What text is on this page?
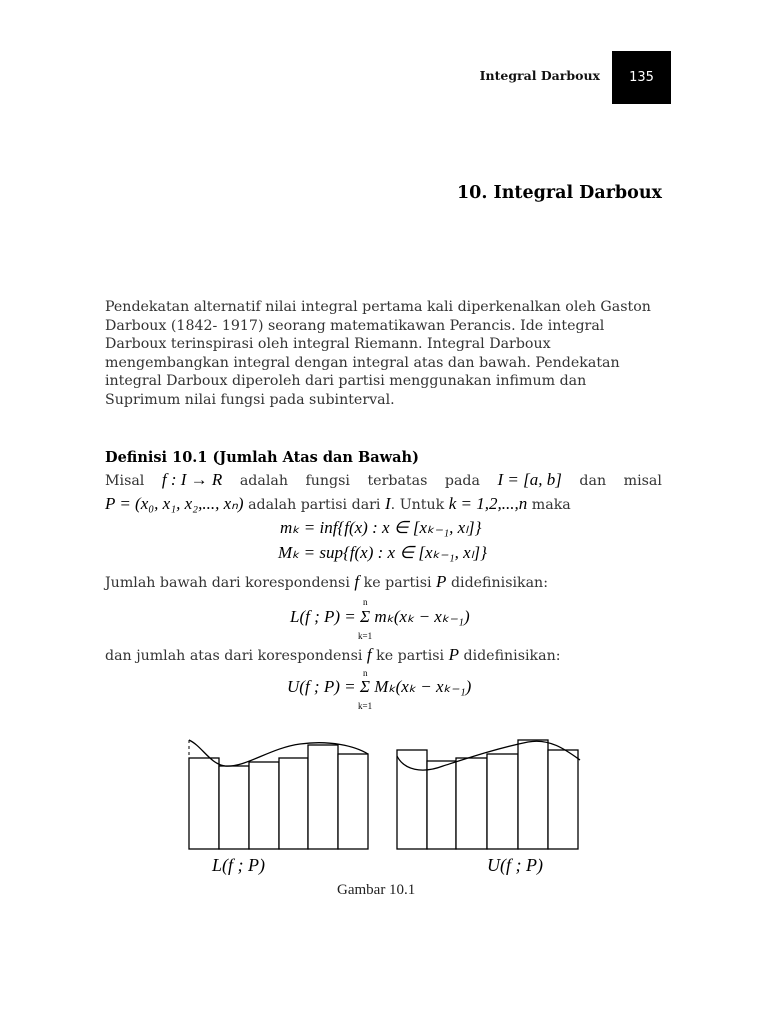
Integral Darboux 135
10. Integral Darboux
Pendekatan alternatif nilai integral pertama kali diperkenalkan oleh Gaston Darboux (1842- 1917) seorang matematikawan Perancis. Ide integral Darboux terinspirasi oleh integral Riemann. Integral Darboux mengembangkan integral dengan integral atas dan bawah. Pendekatan integral Darboux diperoleh dari partisi menggunakan infimum dan Suprimum nilai fungsi pada subinterval.
Definisi 10.1 (Jumlah Atas dan Bawah)
Misal f : I → R adalah fungsi terbatas pada I = [a, b] dan misal
P = (x₀, x₁, x₂,..., xₙ) adalah partisi dari I. Untuk k = 1,2,...,n maka
mₖ = inf{f(x) : x ∈ [xₖ₋₁, xₗ]}
Mₖ = sup{f(x) : x ∈ [xₖ₋₁, xₗ]}
Jumlah bawah dari korespondensi f ke partisi P didefinisikan:
n
L(f ; P) = Σ mₖ(xₖ − xₖ₋₁)
k=1
dan jumlah atas dari korespondensi f ke partisi P didefinisikan:
n
U(f ; P) = Σ Mₖ(xₖ − xₖ₋₁)
k=1
L(f ; P)	U(f ; P)
Gambar 10.1
